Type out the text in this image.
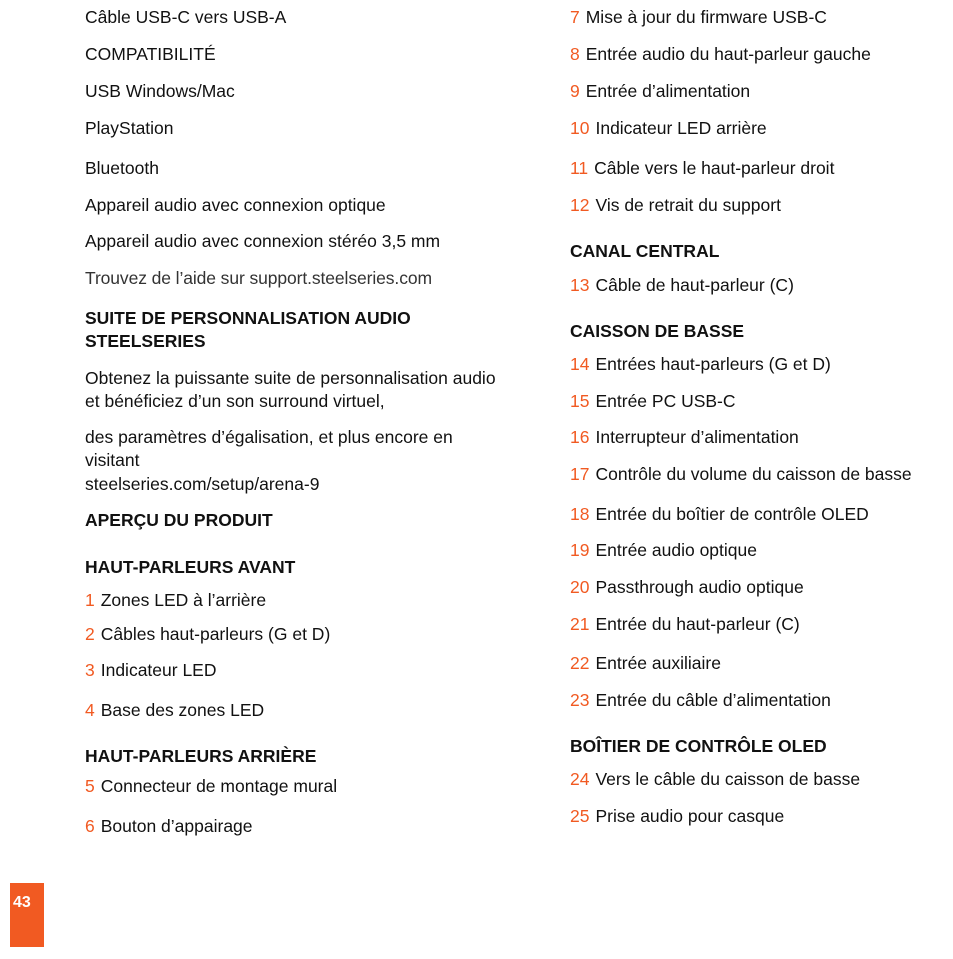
Câble USB-C vers USB-A
COMPATIBILITÉ
USB Windows/Mac
PlayStation
Bluetooth
Appareil audio avec connexion optique
Appareil audio avec connexion stéréo 3,5 mm
Trouvez de l’aide sur support.steelseries.com
SUITE DE PERSONNALISATION AUDIO STEELSERIES
Obtenez la puissante suite de personnalisation audio et bénéficiez d’un son surround virtuel,
des paramètres d’égalisation, et plus encore en visitant
steelseries.com/setup/arena-9
APERÇU DU PRODUIT
HAUT-PARLEURS AVANT
1 Zones LED à l’arrière
2 Câbles haut-parleurs (G et D)
3 Indicateur LED
4 Base des zones LED
HAUT-PARLEURS ARRIÈRE
5 Connecteur de montage mural
6 Bouton d’appairage
7 Mise à jour du firmware USB-C
8 Entrée audio du haut-parleur gauche
9 Entrée d’alimentation
10 Indicateur LED arrière
11 Câble vers le haut-parleur droit
12 Vis de retrait du support
CANAL CENTRAL
13 Câble de haut-parleur (C)
CAISSON DE BASSE
14 Entrées haut-parleurs (G et D)
15 Entrée PC USB-C
16 Interrupteur d’alimentation
17 Contrôle du volume du caisson de basse
18 Entrée du boîtier de contrôle OLED
19 Entrée audio optique
20 Passthrough audio optique
21 Entrée du haut-parleur (C)
22 Entrée auxiliaire
23 Entrée du câble d’alimentation
BOÎTIER DE CONTRÔLE OLED
24 Vers le câble du caisson de basse
25 Prise audio pour casque
43
